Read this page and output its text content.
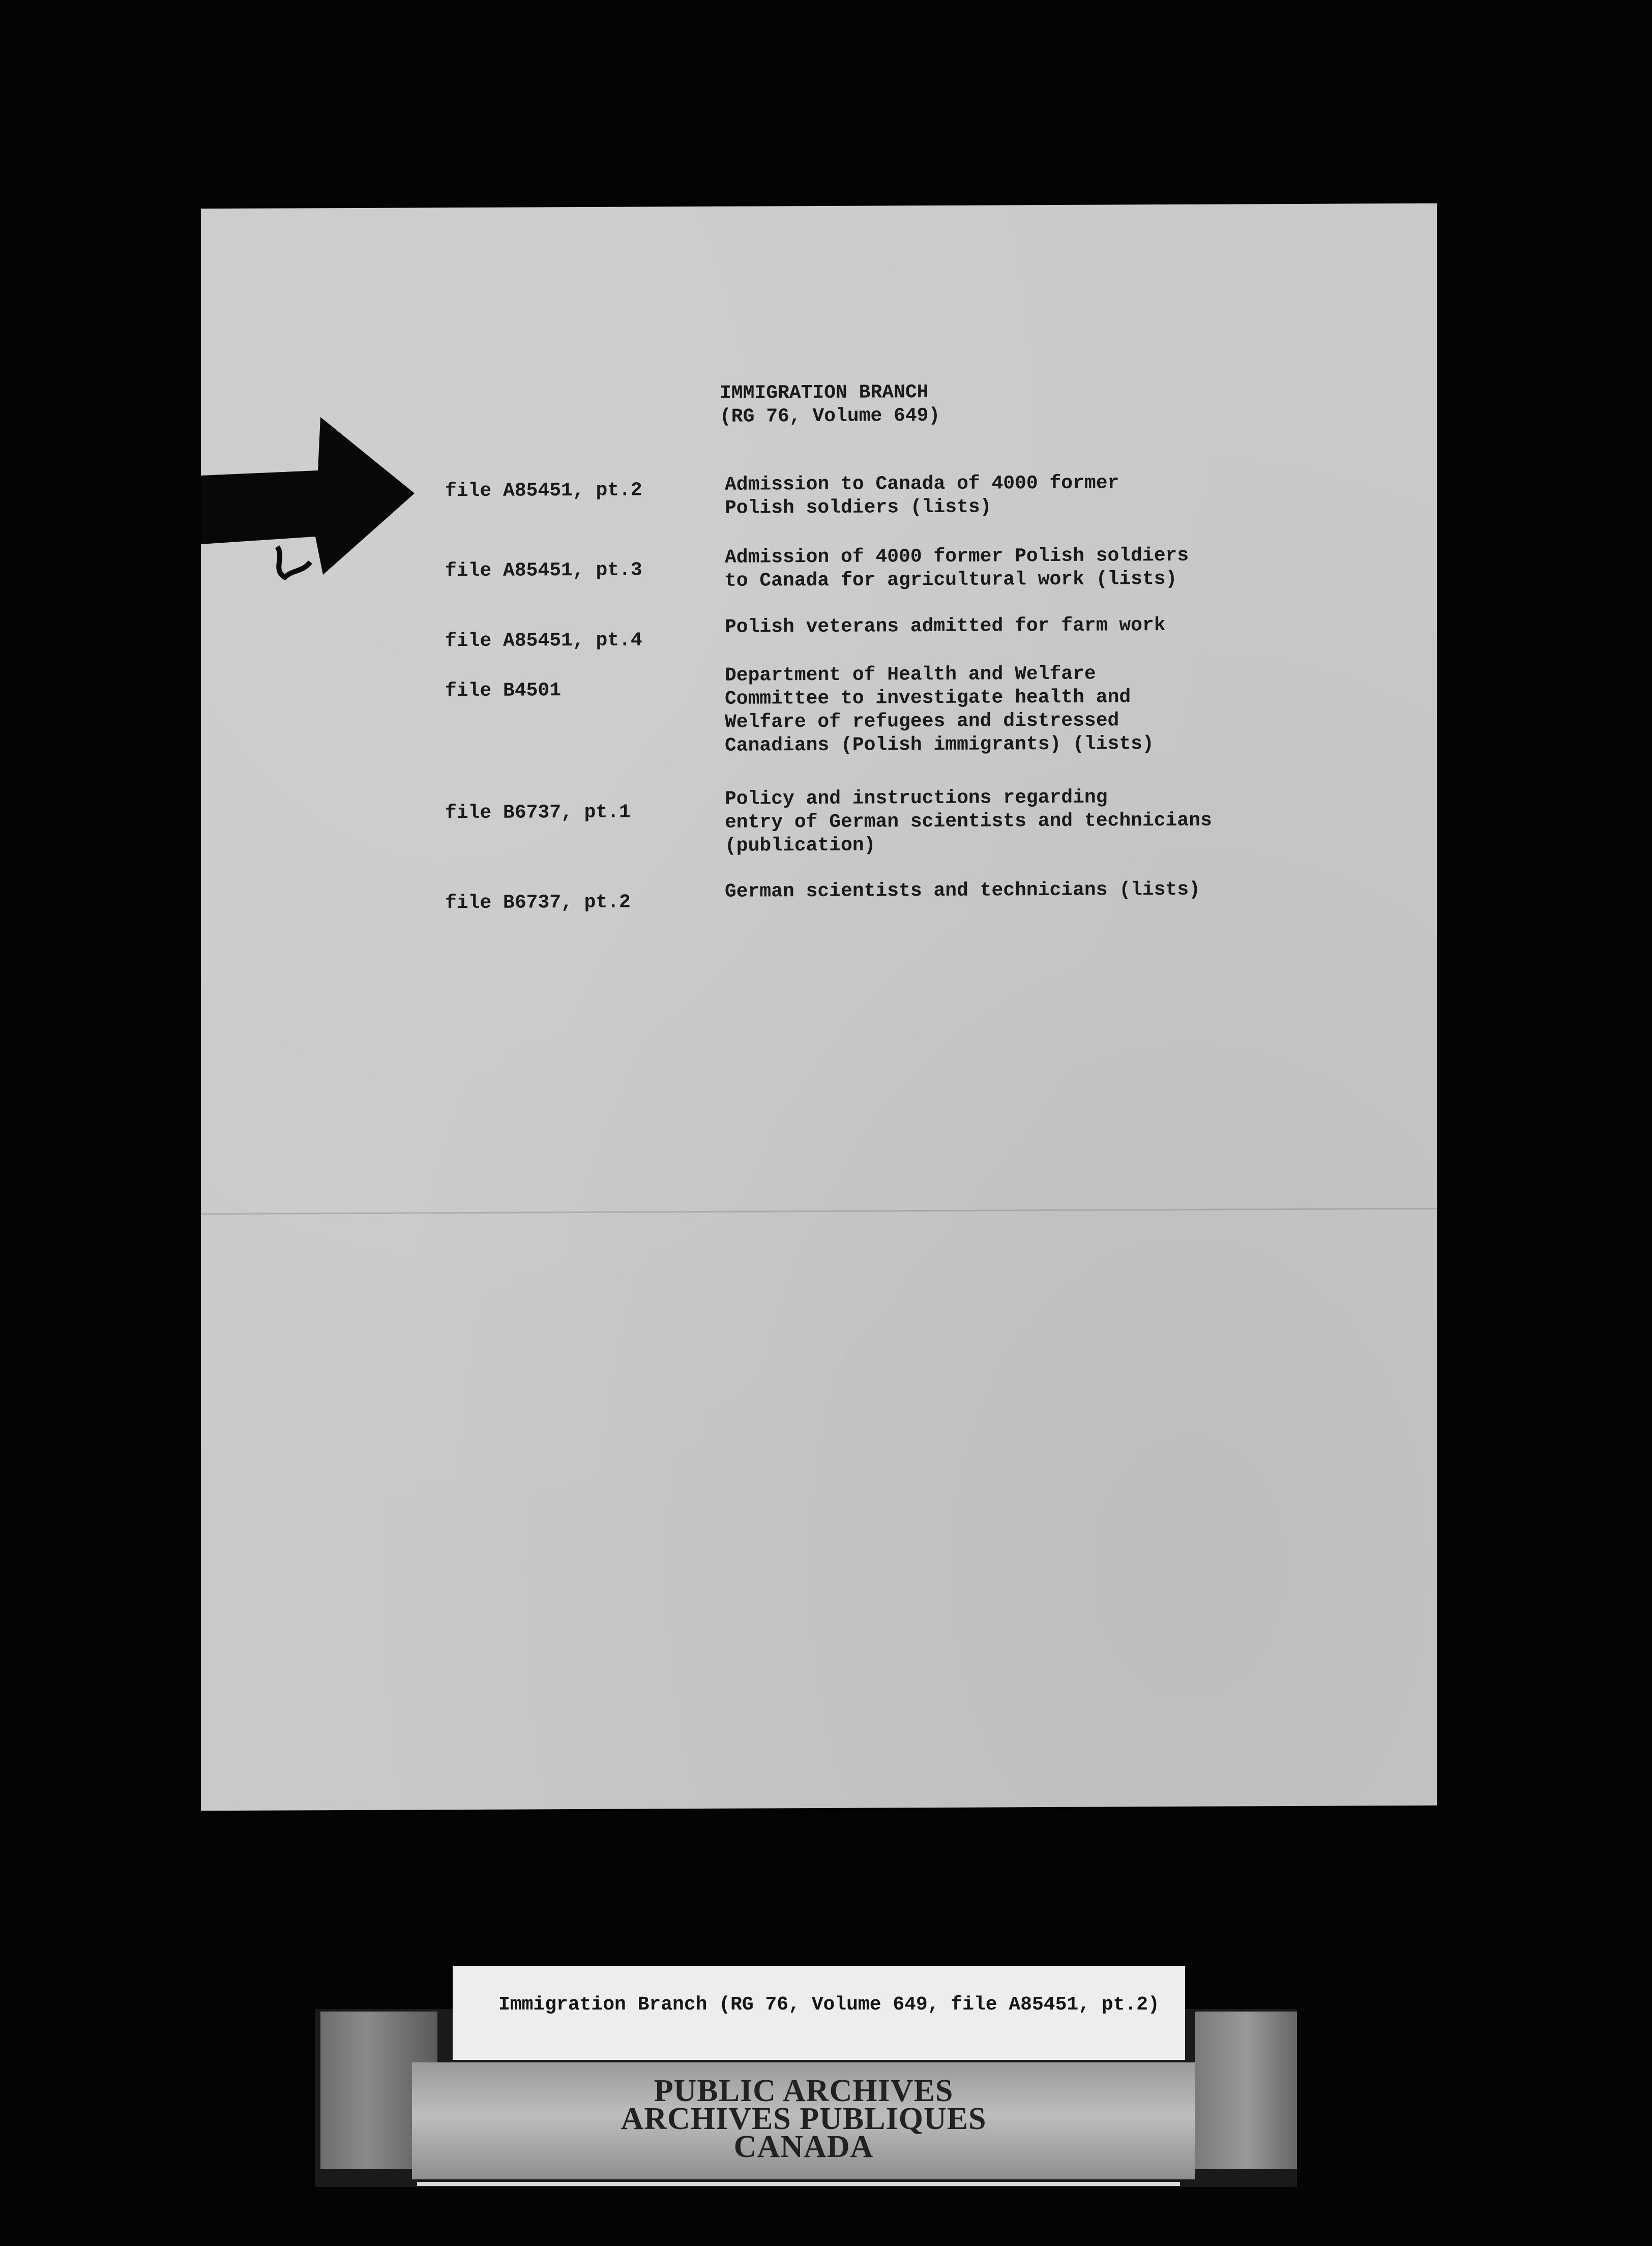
IMMIGRATION BRANCH
(RG 76, Volume 649)
file A85451, pt.2	Admission to Canada of 4000 former
Polish soldiers (lists)
file A85451, pt.3
Admission of 4000 former Polish soldiers
to Canada for agricultural work (lists)
file A85451, pt.4
Polish veterans admitted for farm work
file B4501
Department of Health and Welfare
Committee to investigate health and
Welfare of refugees and distressed
Canadians (Polish immigrants) (lists)
file B6737, pt.1
Policy and instructions regarding
entry of German scientists and technicians
(publication)
file B6737, pt.2
German scientists and technicians (lists)
Immigration Branch (RG 76, Volume 649, file A85451, pt.2)
PUBLIC ARCHIVES
ARCHIVES PUBLIQUES
CANADA
